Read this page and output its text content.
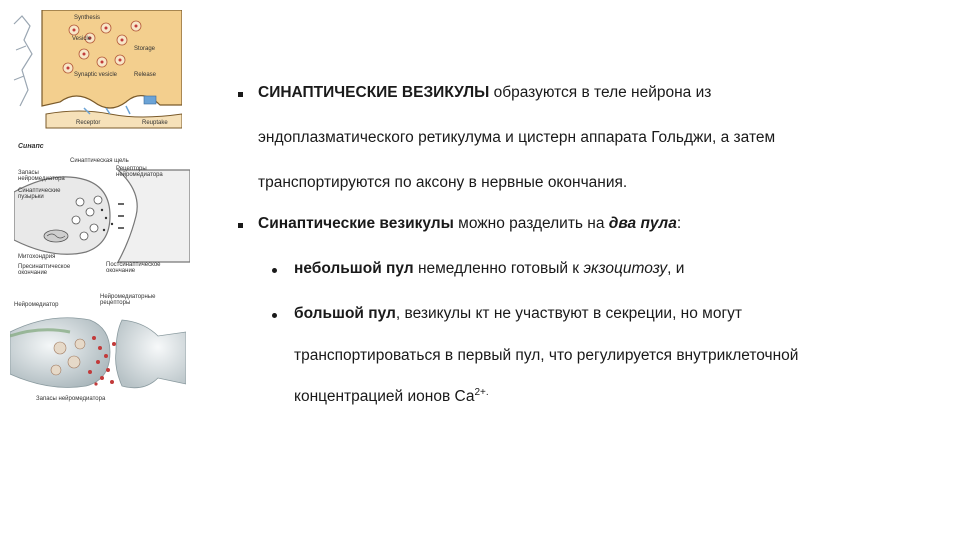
Synthesis
Vesicle
Synaptic vesicle
Storage
Release
Receptor	Reuptake
Синапс
Синаптическая щель
Запасы нейромедиатора
Рецепторы нейромедиатора
Синаптические пузырьки
Митохондрия
Пресинаптическое окончание
Постсинаптическое окончание
Нейромедиатор
Нейромедиаторные рецепторы
Запасы нейромедиатора
СИНАПТИЧЕСКИЕ ВЕЗИКУЛЫ образуются в теле нейрона из
эндоплазматического ретикулума и цистерн аппарата Гольджи, а затем
транспортируются по аксону в нервные окончания.
Синаптические везикулы можно разделить на два пула:
небольшой пул немедленно готовый к экзоцитозу, и
большой пул, везикулы кт не участвуют в секреции, но могут
транспортироваться в первый пул, что регулируется внутриклеточной
концентрацией ионов $Са^{2+.}$
